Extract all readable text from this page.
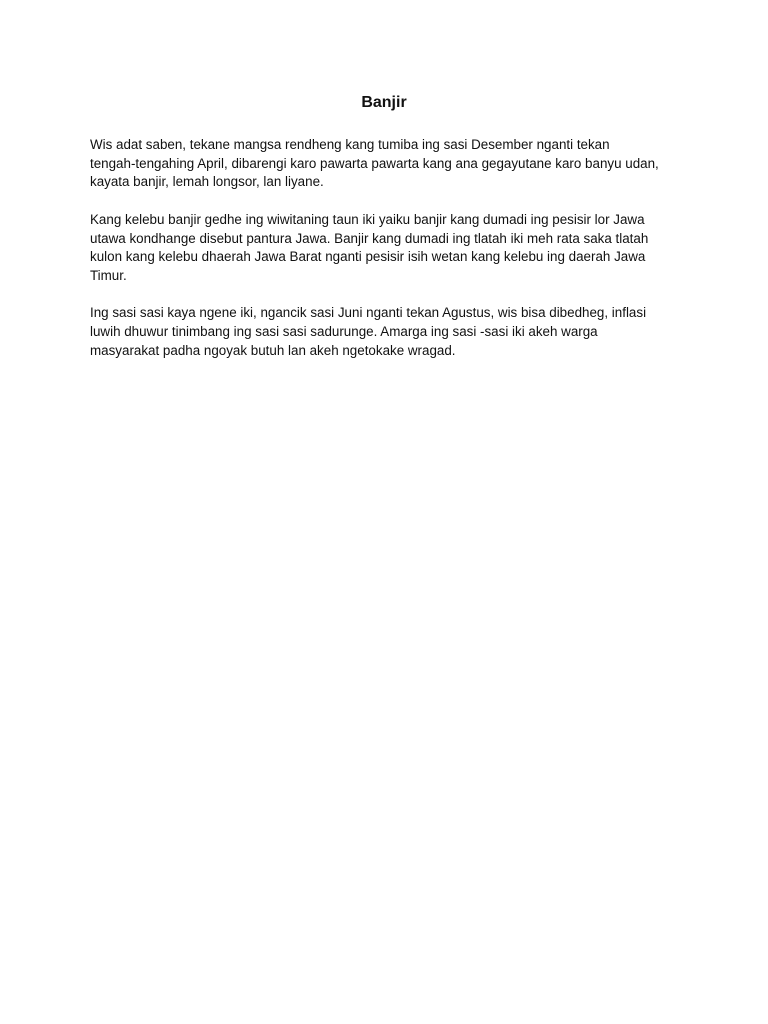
Banjir

Wis adat saben, tekane mangsa rendheng kang tumiba ing sasi Desember nganti tekan
tengah-tengahing April, dibarengi karo pawarta pawarta kang ana gegayutane karo banyu udan,
kayata banjir, lemah longsor, lan liyane.

Kang kelebu banjir gedhe ing wiwitaning taun iki yaiku banjir kang dumadi ing pesisir lor Jawa
utawa kondhange disebut pantura Jawa. Banjir kang dumadi ing tlatah iki meh rata saka tlatah
kulon kang kelebu dhaerah Jawa Barat nganti pesisir isih wetan kang kelebu ing daerah Jawa
Timur.

Ing sasi sasi kaya ngene iki, ngancik sasi Juni nganti tekan Agustus, wis bisa dibedheg, inflasi
luwih dhuwur tinimbang ing sasi sasi sadurunge. Amarga ing sasi -sasi iki akeh warga
masyarakat padha ngoyak butuh lan akeh ngetokake wragad.
